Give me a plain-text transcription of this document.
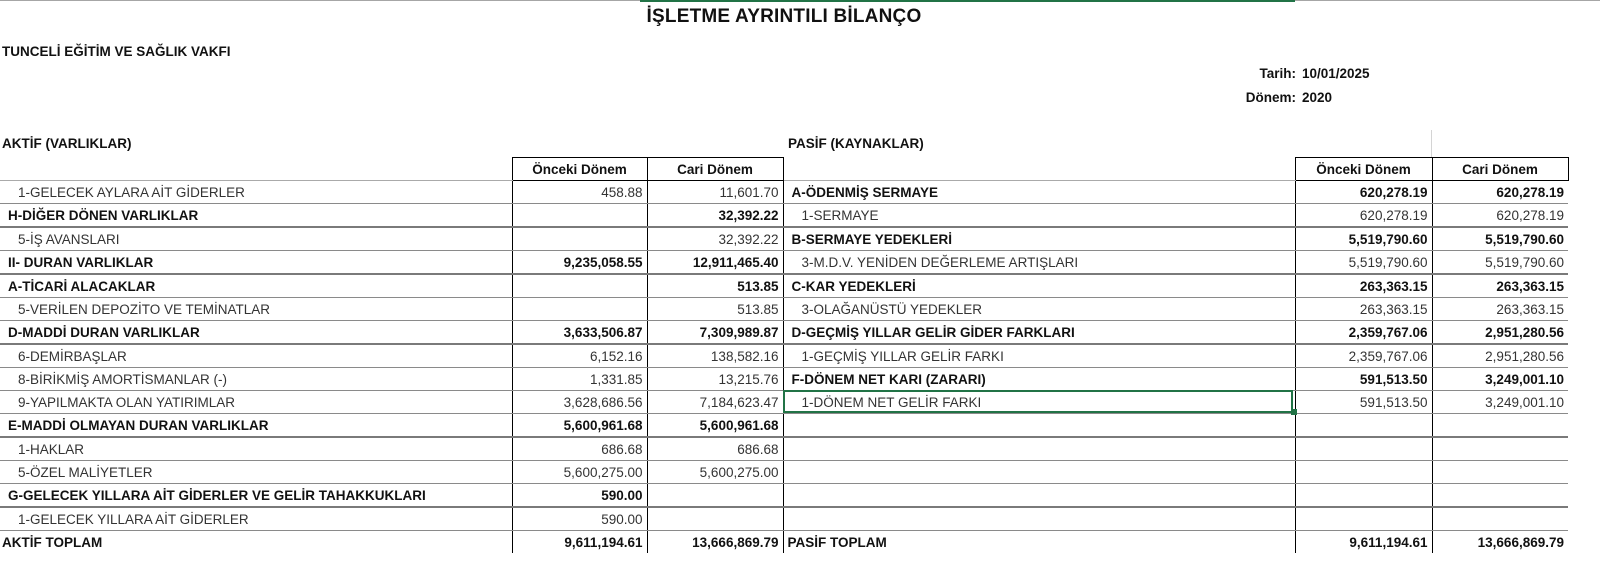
İŞLETME AYRINTILI BİLANÇO
TUNCELİ EĞİTİM VE SAĞLIK VAKFI
Tarih: 10/01/2025
Dönem: 2020
AKTİF (VARLIKLAR)	PASİF (KAYNAKLAR)
	Önceki Dönem	Cari Dönem		Önceki Dönem	Cari Dönem
1-GELECEK AYLARA AİT GİDERLER	458.88	11,601.70	A-ÖDENMİŞ SERMAYE	620,278.19	620,278.19
H-DİĞER DÖNEN VARLIKLAR		32,392.22	1-SERMAYE	620,278.19	620,278.19
5-İŞ AVANSLARI		32,392.22	B-SERMAYE YEDEKLERİ	5,519,790.60	5,519,790.60
II- DURAN VARLIKLAR	9,235,058.55	12,911,465.40	3-M.D.V. YENİDEN DEĞERLEME ARTIŞLARI	5,519,790.60	5,519,790.60
A-TİCARİ ALACAKLAR		513.85	C-KAR YEDEKLERİ	263,363.15	263,363.15
5-VERİLEN DEPOZİTO VE TEMİNATLAR		513.85	3-OLAĞANÜSTÜ YEDEKLER	263,363.15	263,363.15
D-MADDİ DURAN VARLIKLAR	3,633,506.87	7,309,989.87	D-GEÇMİŞ YILLAR GELİR GİDER FARKLARI	2,359,767.06	2,951,280.56
6-DEMİRBAŞLAR	6,152.16	138,582.16	1-GEÇMİŞ YILLAR GELİR FARKI	2,359,767.06	2,951,280.56
8-BİRİKMİŞ AMORTİSMANLAR (-)	1,331.85	13,215.76	F-DÖNEM NET KARI (ZARARI)	591,513.50	3,249,001.10
9-YAPILMAKTA OLAN YATIRIMLAR	3,628,686.56	7,184,623.47	1-DÖNEM NET GELİR FARKI	591,513.50	3,249,001.10
E-MADDİ OLMAYAN DURAN VARLIKLAR	5,600,961.68	5,600,961.68			
1-HAKLAR	686.68	686.68			
5-ÖZEL MALİYETLER	5,600,275.00	5,600,275.00			
G-GELECEK YILLARA AİT GİDERLER VE GELİR TAHAKKUKLARI	590.00				
1-GELECEK YILLARA AİT GİDERLER	590.00				
AKTİF TOPLAM	9,611,194.61	13,666,869.79	PASİF TOPLAM	9,611,194.61	13,666,869.79
